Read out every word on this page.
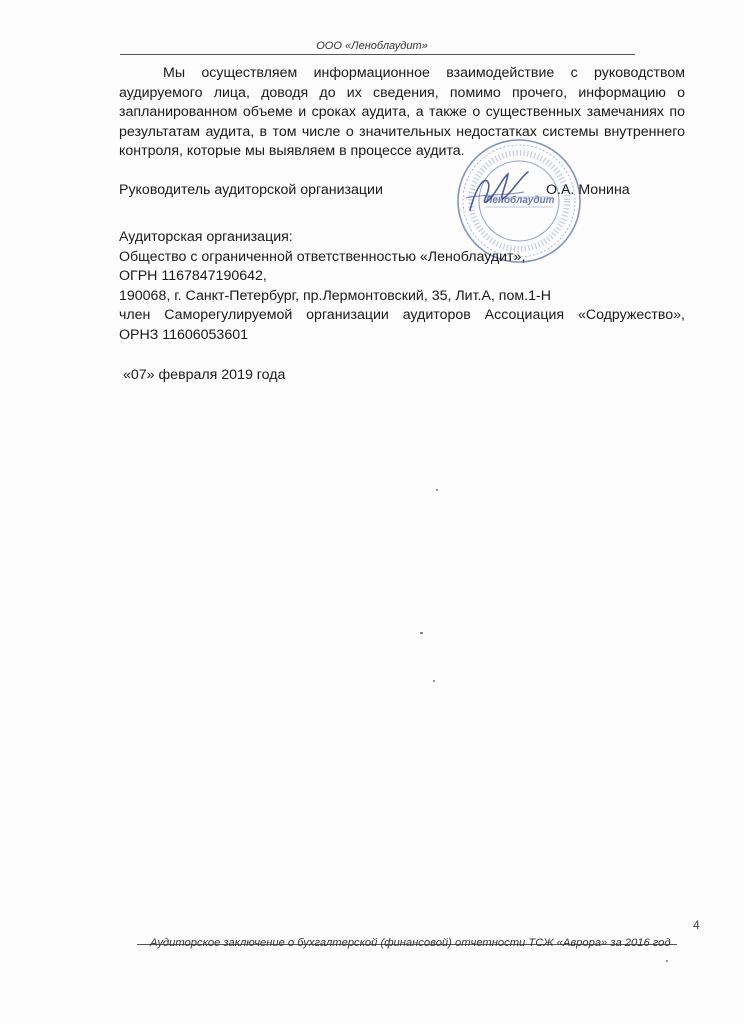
ООО «Леноблаудит»
Мы осуществляем информационное взаимодействие с руководством аудируемого лица, доводя до их сведения, помимо прочего, информацию о запланированном объеме и сроках аудита, а также о существенных замечаниях по результатам аудита, в том числе о значительных недостатках системы внутреннего контроля, которые мы выявляем в процессе аудита.
Леноблаудит
Руководитель аудиторской организации	О.А. Монина
Аудиторская организация:
Общество с ограниченной ответственностью «Леноблаудит»,
ОГРН 1167847190642,
190068, г. Санкт-Петербург, пр.Лермонтовский, 35, Лит.А, пом.1-Н
член Саморегулируемой организации аудиторов Ассоциация «Содружество»,
ОРНЗ 11606053601
«07» февраля 2019 года
4
Аудиторское заключение о бухгалтерской (финансовой) отчетности ТСЖ «Аврора» за 2016 год
